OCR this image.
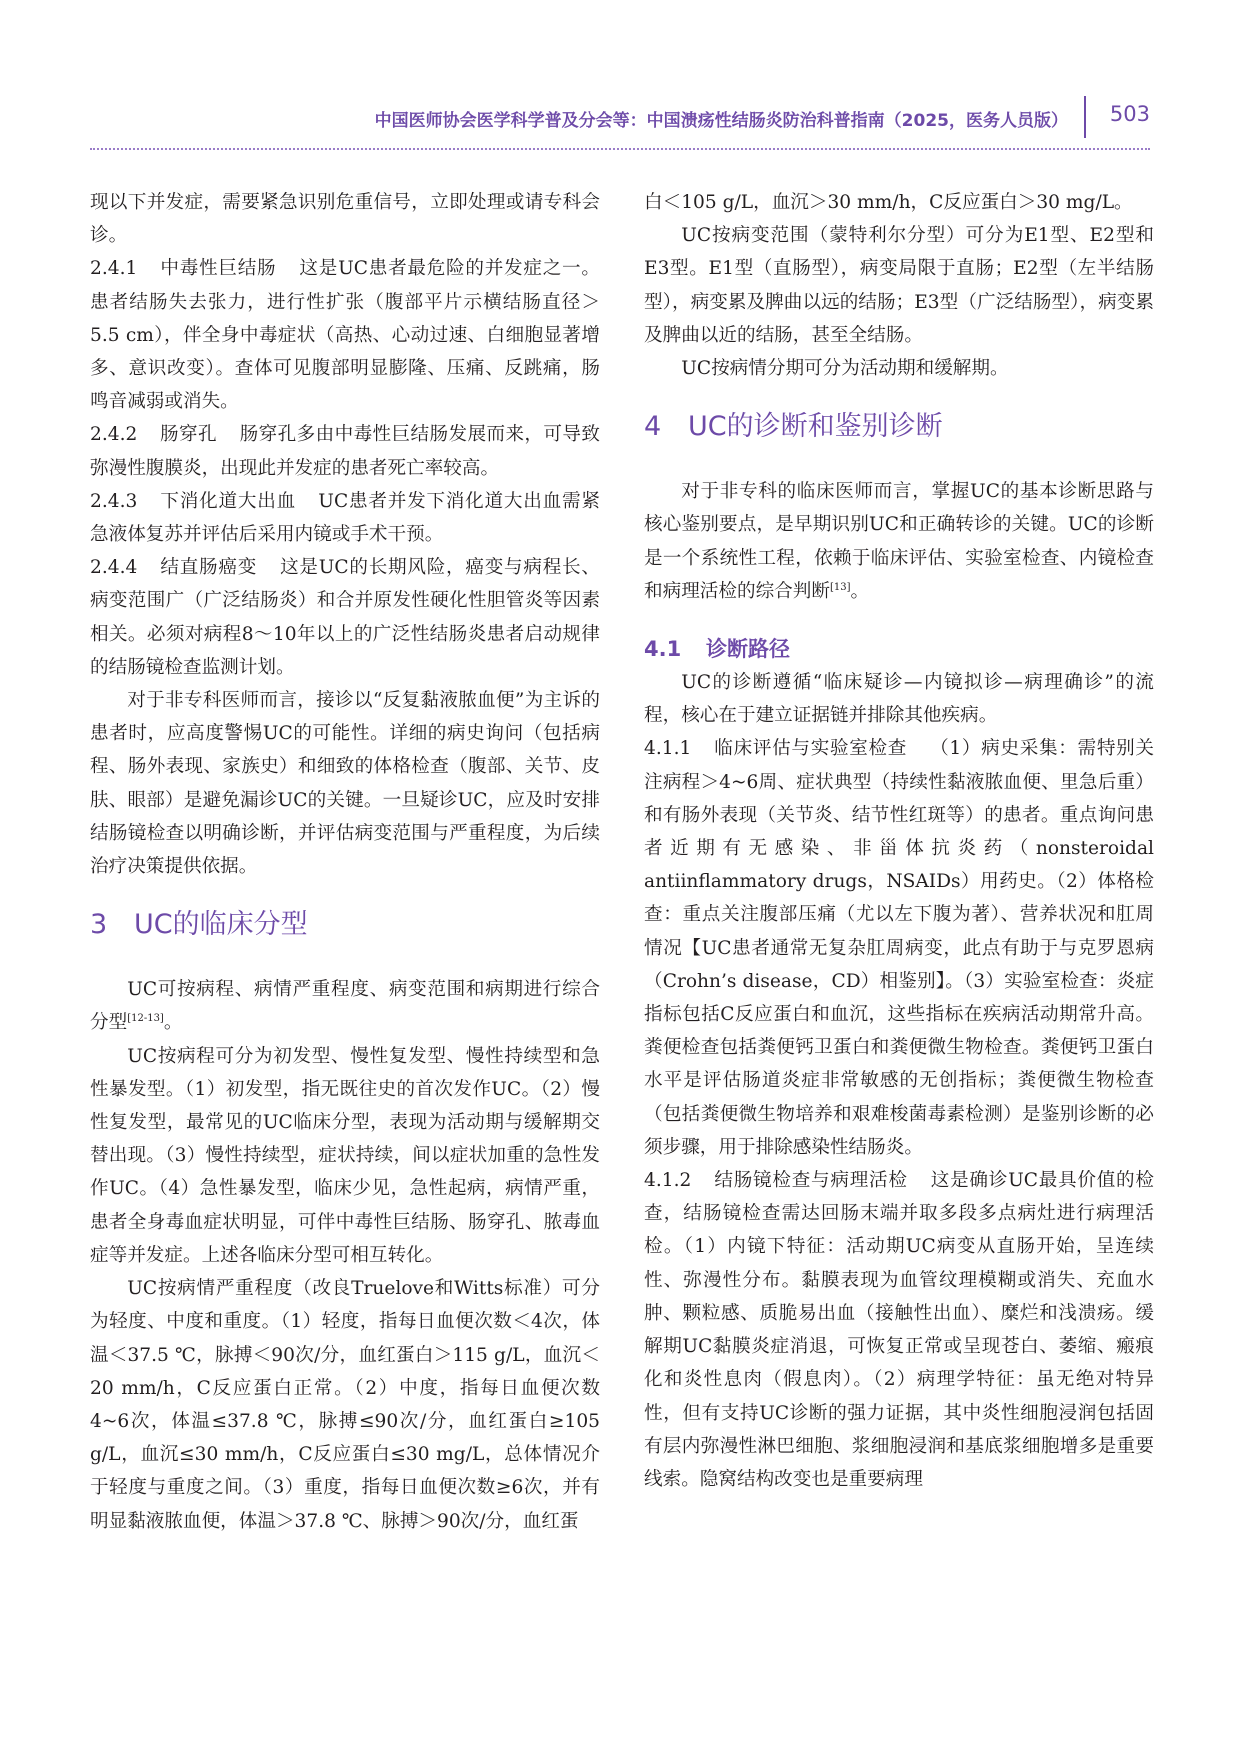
中国医师协会医学科学普及分会等：中国溃疡性结肠炎防治科普指南（2025，医务人员版） 503

现以下并发症，需要紧急识别危重信号，立即处理或请专科会诊。

2.4.1 中毒性巨结肠 这是UC患者最危险的并发症之一。患者结肠失去张力，进行性扩张（腹部平片示横结肠直径＞5.5 cm），伴全身中毒症状（高热、心动过速、白细胞显著增多、意识改变）。查体可见腹部明显膨隆、压痛、反跳痛，肠鸣音减弱或消失。

2.4.2 肠穿孔 肠穿孔多由中毒性巨结肠发展而来，可导致弥漫性腹膜炎，出现此并发症的患者死亡率较高。

2.4.3 下消化道大出血 UC患者并发下消化道大出血需紧急液体复苏并评估后采用内镜或手术干预。

2.4.4 结直肠癌变 这是UC的长期风险，癌变与病程长、病变范围广（广泛结肠炎）和合并原发性硬化性胆管炎等因素相关。必须对病程8～10年以上的广泛性结肠炎患者启动规律的结肠镜检查监测计划。

对于非专科医师而言，接诊以“反复黏液脓血便”为主诉的患者时，应高度警惕UC的可能性。详细的病史询问（包括病程、肠外表现、家族史）和细致的体格检查（腹部、关节、皮肤、眼部）是避免漏诊UC的关键。一旦疑诊UC，应及时安排结肠镜检查以明确诊断，并评估病变范围与严重程度，为后续治疗决策提供依据。

3 UC的临床分型

UC可按病程、病情严重程度、病变范围和病期进行综合分型[12-13]。

UC按病程可分为初发型、慢性复发型、慢性持续型和急性暴发型。（1）初发型，指无既往史的首次发作UC。（2）慢性复发型，最常见的UC临床分型，表现为活动期与缓解期交替出现。（3）慢性持续型，症状持续，间以症状加重的急性发作UC。（4）急性暴发型，临床少见，急性起病，病情严重，患者全身毒血症状明显，可伴中毒性巨结肠、肠穿孔、脓毒血症等并发症。上述各临床分型可相互转化。

UC按病情严重程度（改良Truelove和Witts标准）可分为轻度、中度和重度。（1）轻度，指每日血便次数＜4次，体温＜37.5 ℃，脉搏＜90次/分，血红蛋白＞115 g/L，血沉＜20 mm/h，C反应蛋白正常。（2）中度，指每日血便次数4~6次，体温≤37.8 ℃，脉搏≤90次/分，血红蛋白≥105 g/L，血沉≤30 mm/h，C反应蛋白≤30 mg/L，总体情况介于轻度与重度之间。（3）重度，指每日血便次数≥6次，并有明显黏液脓血便，体温＞37.8 ℃、脉搏＞90次/分，血红蛋

白＜105 g/L，血沉＞30 mm/h，C反应蛋白＞30 mg/L。

UC按病变范围（蒙特利尔分型）可分为E1型、E2型和E3型。E1型（直肠型），病变局限于直肠；E2型（左半结肠型），病变累及脾曲以远的结肠；E3型（广泛结肠型），病变累及脾曲以近的结肠，甚至全结肠。

UC按病情分期可分为活动期和缓解期。

4 UC的诊断和鉴别诊断

对于非专科的临床医师而言，掌握UC的基本诊断思路与核心鉴别要点，是早期识别UC和正确转诊的关键。UC的诊断是一个系统性工程，依赖于临床评估、实验室检查、内镜检查和病理活检的综合判断[13]。

4.1 诊断路径

UC的诊断遵循“临床疑诊—内镜拟诊—病理确诊”的流程，核心在于建立证据链并排除其他疾病。

4.1.1 临床评估与实验室检查 （1）病史采集：需特别关注病程＞4~6周、症状典型（持续性黏液脓血便、里急后重）和有肠外表现（关节炎、结节性红斑等）的患者。重点询问患者近期有无感染、非甾体抗炎药（nonsteroidal antiinflammatory drugs，NSAIDs）用药史。（2）体格检查：重点关注腹部压痛（尤以左下腹为著）、营养状况和肛周情况【UC患者通常无复杂肛周病变，此点有助于与克罗恩病（Crohn’s disease，CD）相鉴别】。（3）实验室检查：炎症指标包括C反应蛋白和血沉，这些指标在疾病活动期常升高。粪便检查包括粪便钙卫蛋白和粪便微生物检查。粪便钙卫蛋白水平是评估肠道炎症非常敏感的无创指标；粪便微生物检查（包括粪便微生物培养和艰难梭菌毒素检测）是鉴别诊断的必须步骤，用于排除感染性结肠炎。

4.1.2 结肠镜检查与病理活检 这是确诊UC最具价值的检查，结肠镜检查需达回肠末端并取多段多点病灶进行病理活检。（1）内镜下特征：活动期UC病变从直肠开始，呈连续性、弥漫性分布。黏膜表现为血管纹理模糊或消失、充血水肿、颗粒感、质脆易出血（接触性出血）、糜烂和浅溃疡。缓解期UC黏膜炎症消退，可恢复正常或呈现苍白、萎缩、瘢痕化和炎性息肉（假息肉）。（2）病理学特征：虽无绝对特异性，但有支持UC诊断的强力证据，其中炎性细胞浸润包括固有层内弥漫性淋巴细胞、浆细胞浸润和基底浆细胞增多是重要线索。隐窝结构改变也是重要病理
